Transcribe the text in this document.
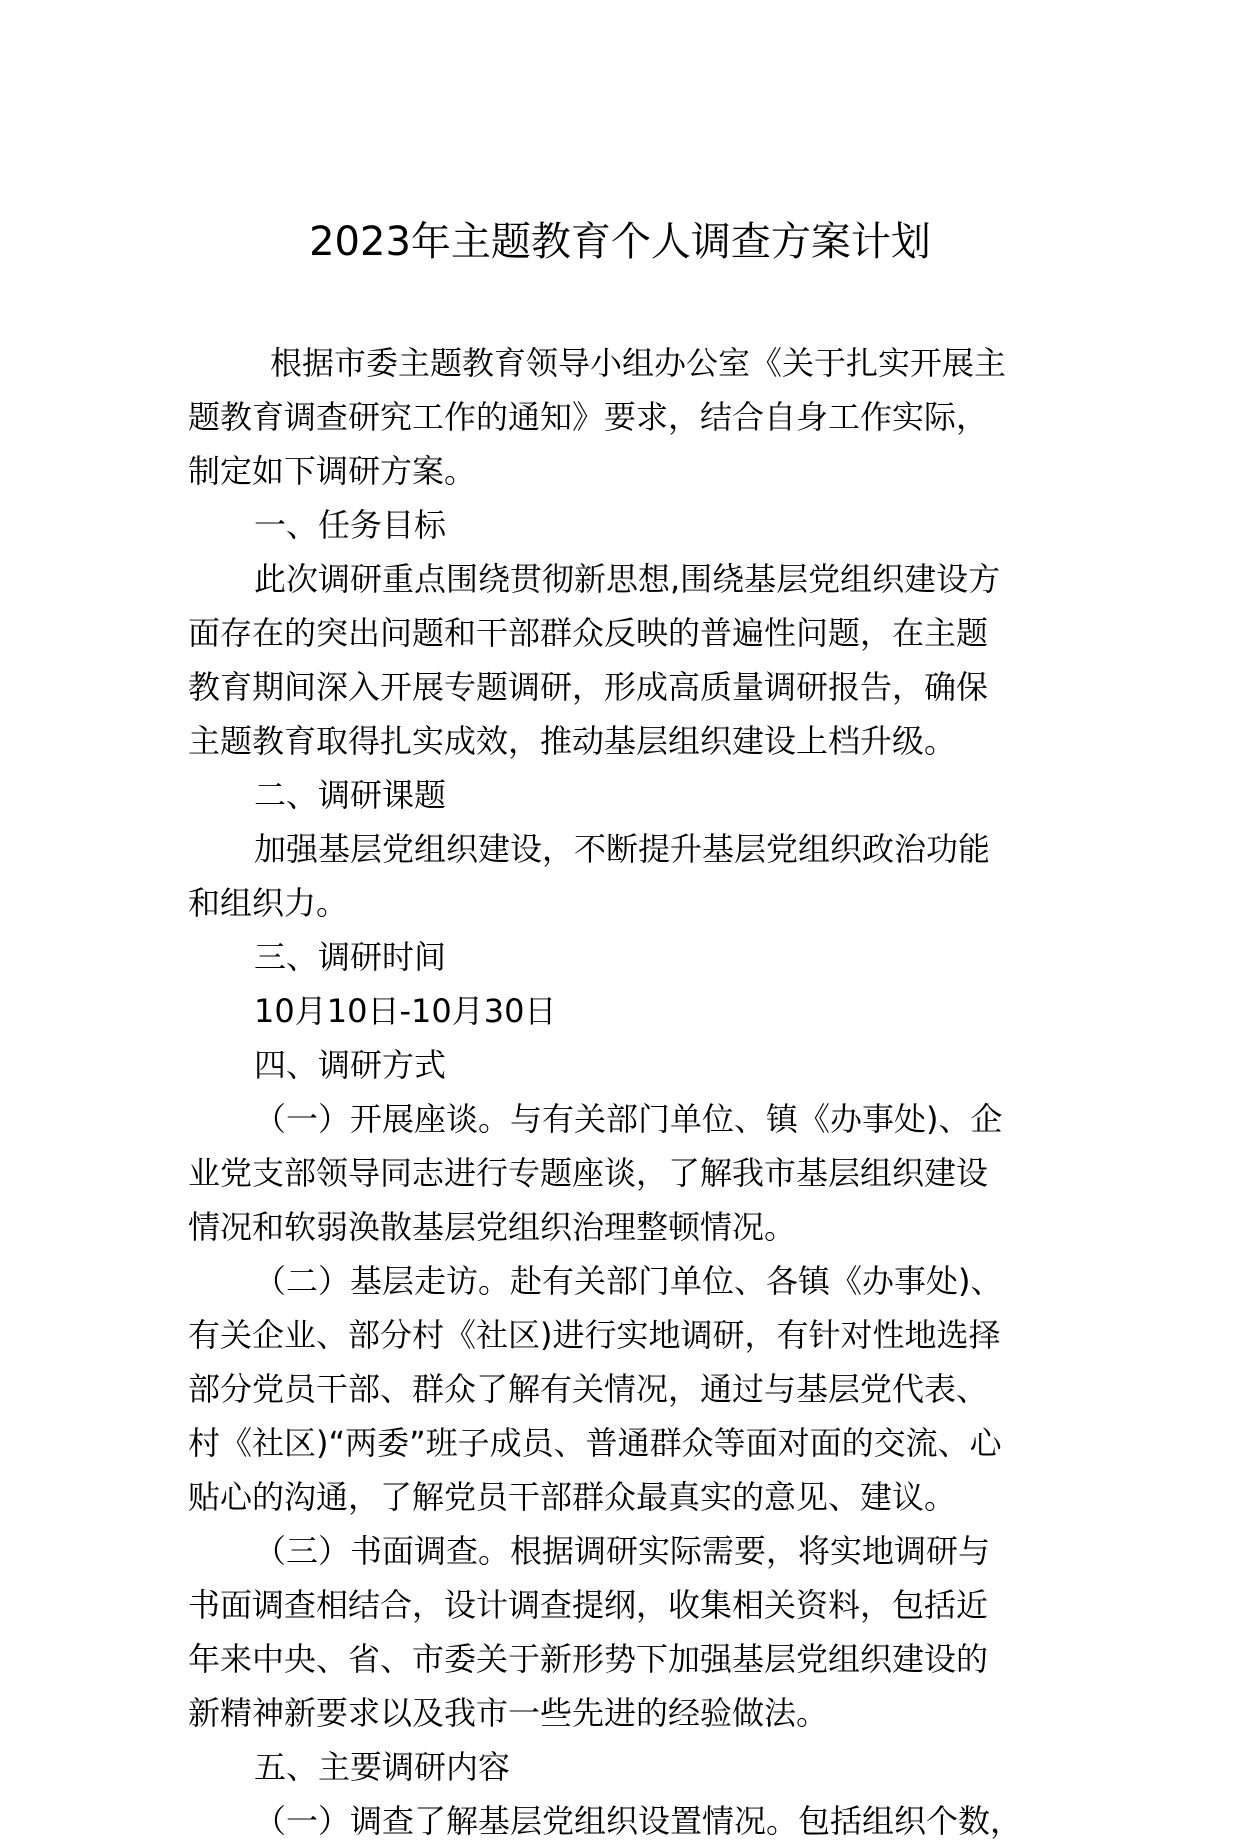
2023年主题教育个人调查方案计划
根据市委主题教育领导小组办公室《关于扎实开展主
题教育调查研究工作的通知》要求，结合自身工作实际，
制定如下调研方案。
一、任务目标
此次调研重点围绕贯彻新思想,围绕基层党组织建设方
面存在的突出问题和干部群众反映的普遍性问题，在主题
教育期间深入开展专题调研，形成高质量调研报告，确保
主题教育取得扎实成效，推动基层组织建设上档升级。
二、调研课题
加强基层党组织建设，不断提升基层党组织政治功能
和组织力。
三、调研时间
10月10日-10月30日
四、调研方式
（一）开展座谈。与有关部门单位、镇《办事处)、企
业党支部领导同志进行专题座谈，了解我市基层组织建设
情况和软弱涣散基层党组织治理整顿情况。
（二）基层走访。赴有关部门单位、各镇《办事处)、
有关企业、部分村《社区)进行实地调研，有针对性地选择
部分党员干部、群众了解有关情况，通过与基层党代表、
村《社区)“两委”班子成员、普通群众等面对面的交流、心
贴心的沟通，了解党员干部群众最真实的意见、建议。
（三）书面调查。根据调研实际需要，将实地调研与
书面调查相结合，设计调查提纲，收集相关资料，包括近
年来中央、省、市委关于新形势下加强基层党组织建设的
新精神新要求以及我市一些先进的经验做法。
五、主要调研内容
（一）调查了解基层党组织设置情况。包括组织个数，
